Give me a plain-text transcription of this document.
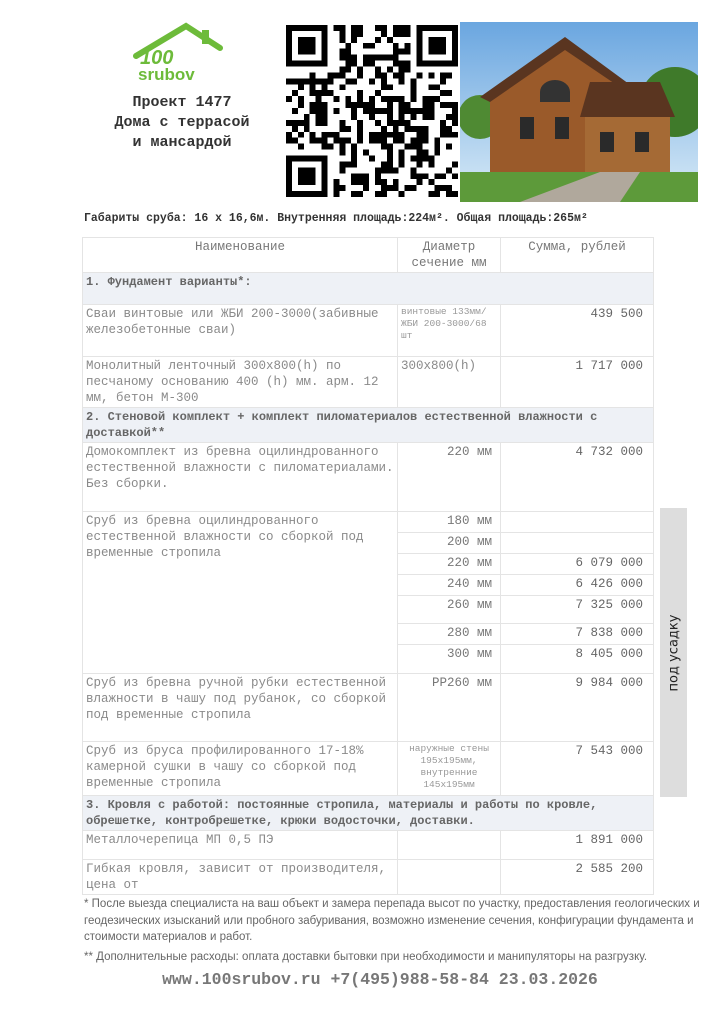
100
srubov
Проект 1477
Дома с террасой
и мансардой
Габариты сруба: 16 х 16,6м. Внутренняя площадь:224м². Общая площадь:265м²
Наименование	Диаметр сечение мм	Сумма, рублей
1. Фундамент варианты*:		
Сваи винтовые или ЖБИ 200-3000(забивные железобетонные сваи)	винтовые 133мм/ЖБИ 200-3000/68 шт	439 500
Монолитный ленточный 300х800(h) по песчаному основанию 400 (h) мм. арм. 12 мм, бетон М-300	300х800(h)	1 717 000
2. Стеновой комплект + комплект пиломатериалов естественной влажности с доставкой**		
Домокомплект из бревна оцилиндрованного естественной влажности с пиломатериалами. Без сборки.	220 мм	4 732 000
Сруб из бревна оцилиндрованного естественной влажности со сборкой под временные стропила	180 мм	
	200 мм	
	220 мм	6 079 000
	240 мм	6 426 000
	260 мм	7 325 000
	280 мм	7 838 000
	300 мм	8 405 000
Сруб из бревна ручной рубки естественной влажности в чашу под рубанок, со сборкой под временные стропила	РР260 мм	9 984 000
Сруб из бруса профилированного 17-18% камерной сушки в чашу со сборкой под временные стропила	наружные стены 195х195мм, внутренние 145х195мм	7 543 000
3. Кровля с работой: постоянные стропила, материалы и работы по кровле, обрешетке, контробрешетке, крюки водосточки, доставки.		
Металлочерепица МП 0,5 ПЭ		1 891 000
Гибкая кровля, зависит от производителя, цена от		2 585 200
под усадку

* После выезда специалиста на ваш объект и замера перепада высот по участку, предоставления геологических и геодезических изысканий или пробного забуривания, возможно изменение сечения, конфигурации фундамента и стоимости материалов и работ.

** Дополнительные расходы: оплата доставки бытовки при необходимости и манипуляторы на разгрузку.

www.100srubov.ru +7(495)988-58-84 23.03.2026
